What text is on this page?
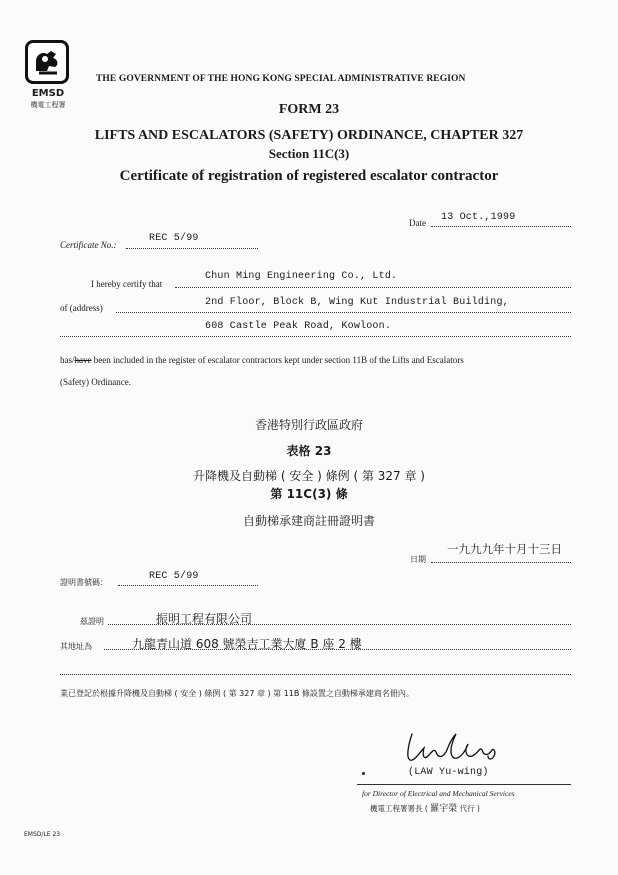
EMSD
機電工程署
THE GOVERNMENT OF THE HONG KONG SPECIAL ADMINISTRATIVE REGION
FORM 23
LIFTS AND ESCALATORS (SAFETY) ORDINANCE, CHAPTER 327
Section 11C(3)
Certificate of registration of registered escalator contractor
Date 13 Oct.,1999
Certificate No.:
REC 5/99
I hereby certify that
Chun Ming Engineering Co., Ltd.
of (address)	2nd Floor, Block B, Wing Kut Industrial Building,
608 Castle Peak Road, Kowloon.
has/have been included in the register of escalator contractors kept under section 11B of the Lifts and Escalators
(Safety) Ordinance.
香港特別行政區政府
表格 23
升降機及自動梯 ( 安全 ) 條例 ( 第 327 章 )
第 11C(3) 條
自動梯承建商註冊證明書
日期
一九九九年十月十三日
證明書號碼：
REC 5/99
茲證明	振明工程有限公司
其地址為	九龍青山道 608 號榮吉工業大廈 B 座 2 樓
業已登記於根據升降機及自動梯 ( 安全 ) 條例 ( 第 327 章 ) 第 11B 條設置之自動梯承建商名冊內。
(LAW Yu-wing)
for Director of Electrical and Mechanical Services
機電工程署署長 ( 羅宇榮 代行 )
EMSD/LE 23
